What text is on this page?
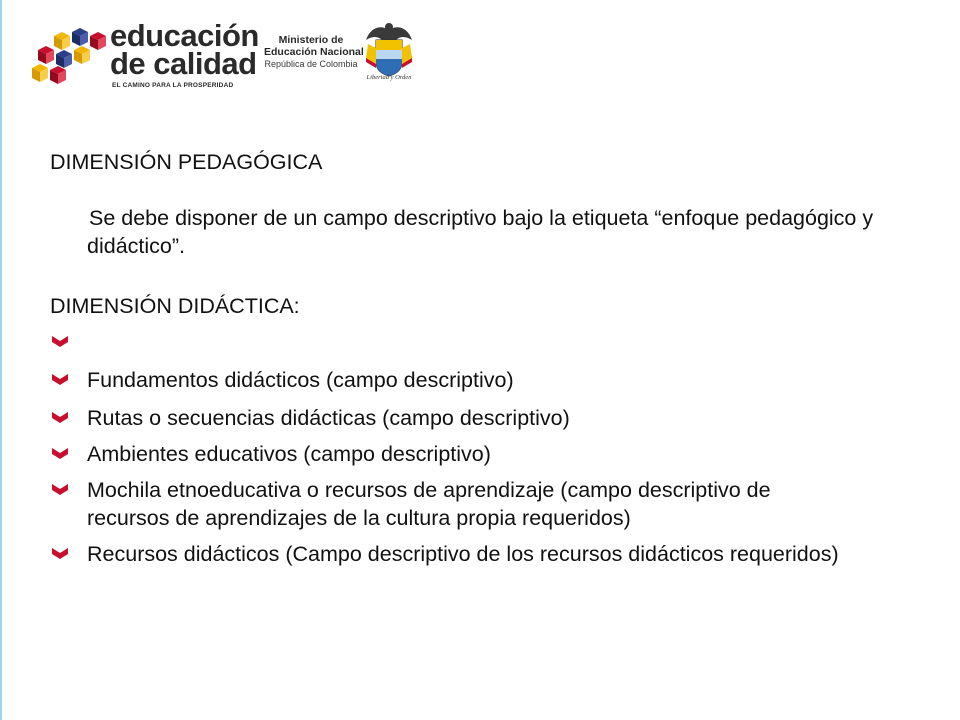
educación
de calidad
EL CAMINO PARA LA PROSPERIDAD
Ministerio de
Educación Nacional
República de Colombia
Libertad y Orden

DIMENSIÓN PEDAGÓGICA

Se debe disponer de un campo descriptivo bajo la etiqueta “enfoque pedagógico y didáctico”.

DIMENSIÓN DIDÁCTICA:

Fundamentos didácticos (campo descriptivo)
Rutas o secuencias didácticas (campo descriptivo)
Ambientes educativos (campo descriptivo)
Mochila etnoeducativa o recursos de aprendizaje (campo descriptivo de recursos de aprendizajes de la cultura propia requeridos)
Recursos didácticos (Campo descriptivo de los recursos didácticos requeridos)
